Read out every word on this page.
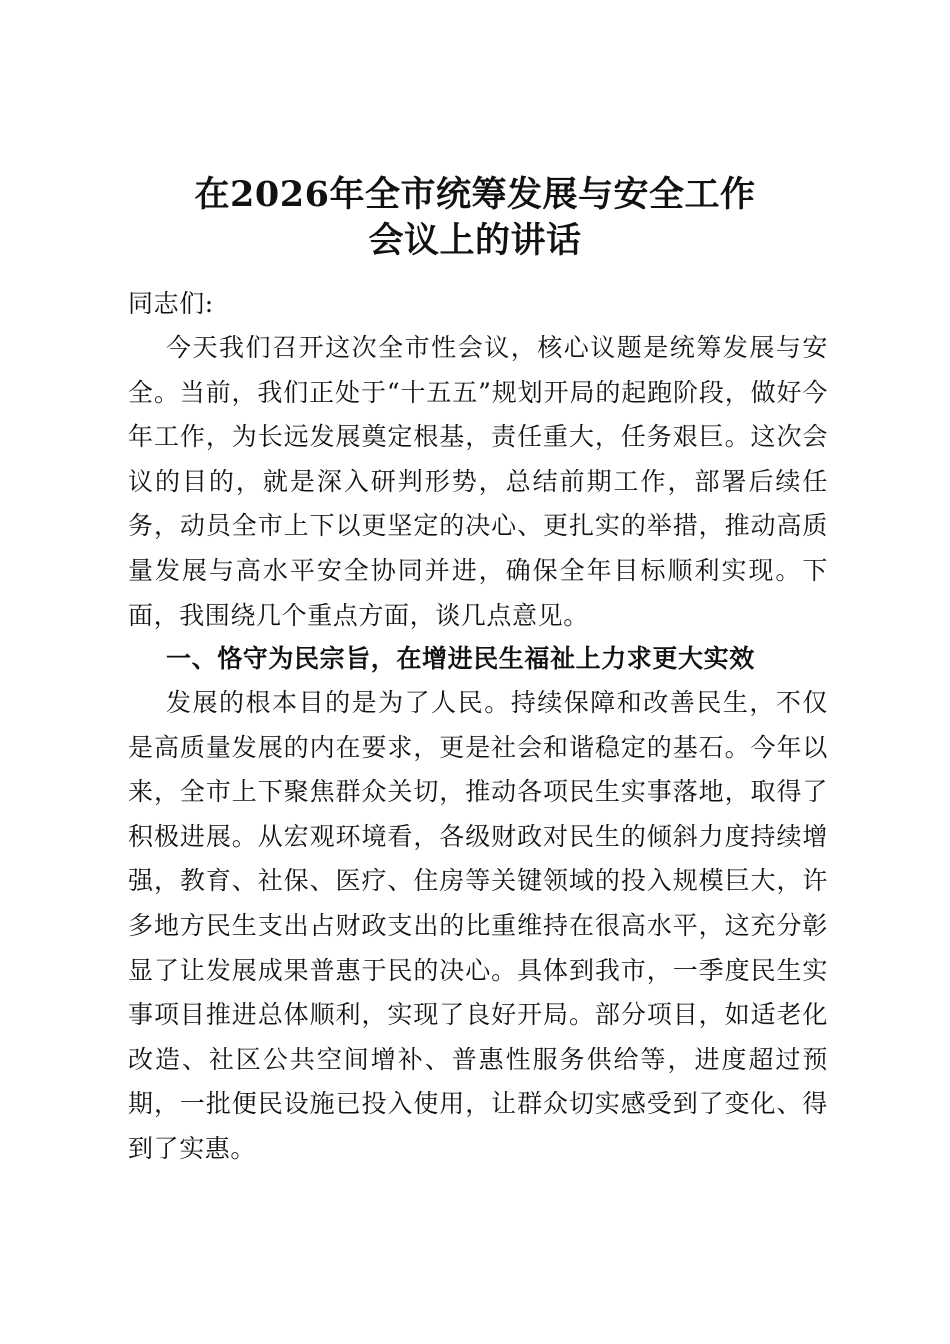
在2026年全市统筹发展与安全工作
会议上的讲话
同志们:
今天我们召开这次全市性会议，核心议题是统筹发展与安全。当前，我们正处于“十五五”规划开局的起跑阶段，做好今年工作，为长远发展奠定根基，责任重大，任务艰巨。这次会议的目的，就是深入研判形势，总结前期工作，部署后续任务，动员全市上下以更坚定的决心、更扎实的举措，推动高质量发展与高水平安全协同并进，确保全年目标顺利实现。下面，我围绕几个重点方面，谈几点意见。
一、恪守为民宗旨，在增进民生福祉上力求更大实效
发展的根本目的是为了人民。持续保障和改善民生，不仅是高质量发展的内在要求，更是社会和谐稳定的基石。今年以来，全市上下聚焦群众关切，推动各项民生实事落地，取得了积极进展。从宏观环境看，各级财政对民生的倾斜力度持续增强，教育、社保、医疗、住房等关键领域的投入规模巨大，许多地方民生支出占财政支出的比重维持在很高水平，这充分彰显了让发展成果普惠于民的决心。具体到我市，一季度民生实事项目推进总体顺利，实现了良好开局。部分项目，如适老化改造、社区公共空间增补、普惠性服务供给等，进度超过预期，一批便民设施已投入使用，让群众切实感受到了变化、得到了实惠。
